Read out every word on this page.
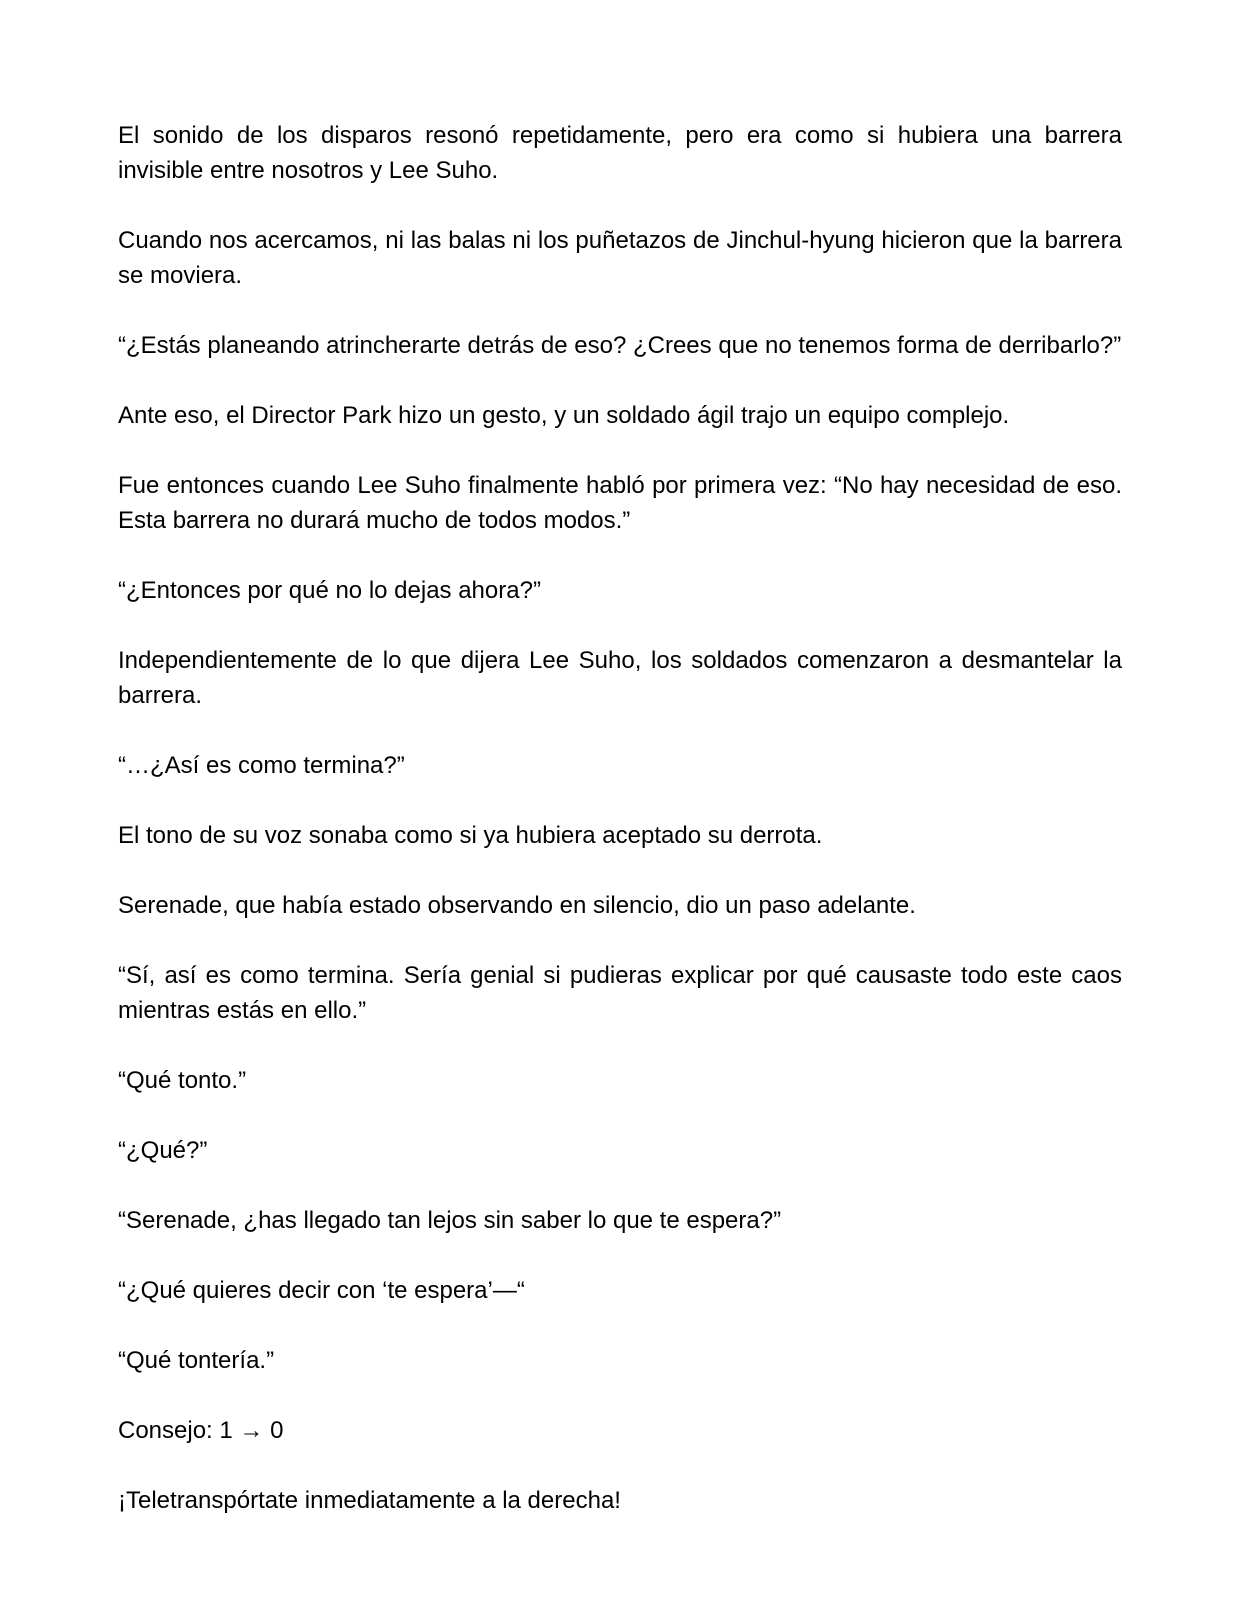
El sonido de los disparos resonó repetidamente, pero era como si hubiera una barrera invisible entre nosotros y Lee Suho.

Cuando nos acercamos, ni las balas ni los puñetazos de Jinchul-hyung hicieron que la barrera se moviera.

“¿Estás planeando atrincherarte detrás de eso? ¿Crees que no tenemos forma de derribarlo?”

Ante eso, el Director Park hizo un gesto, y un soldado ágil trajo un equipo complejo.

Fue entonces cuando Lee Suho finalmente habló por primera vez: “No hay necesidad de eso. Esta barrera no durará mucho de todos modos.”

“¿Entonces por qué no lo dejas ahora?”

Independientemente de lo que dijera Lee Suho, los soldados comenzaron a desmantelar la barrera.

“…¿Así es como termina?”

El tono de su voz sonaba como si ya hubiera aceptado su derrota.

Serenade, que había estado observando en silencio, dio un paso adelante.

“Sí, así es como termina. Sería genial si pudieras explicar por qué causaste todo este caos mientras estás en ello.”

“Qué tonto.”

“¿Qué?”

“Serenade, ¿has llegado tan lejos sin saber lo que te espera?”

“¿Qué quieres decir con ‘te espera’—“

“Qué tontería.”

Consejo: 1 → 0

¡Teletranspórtate inmediatamente a la derecha!
